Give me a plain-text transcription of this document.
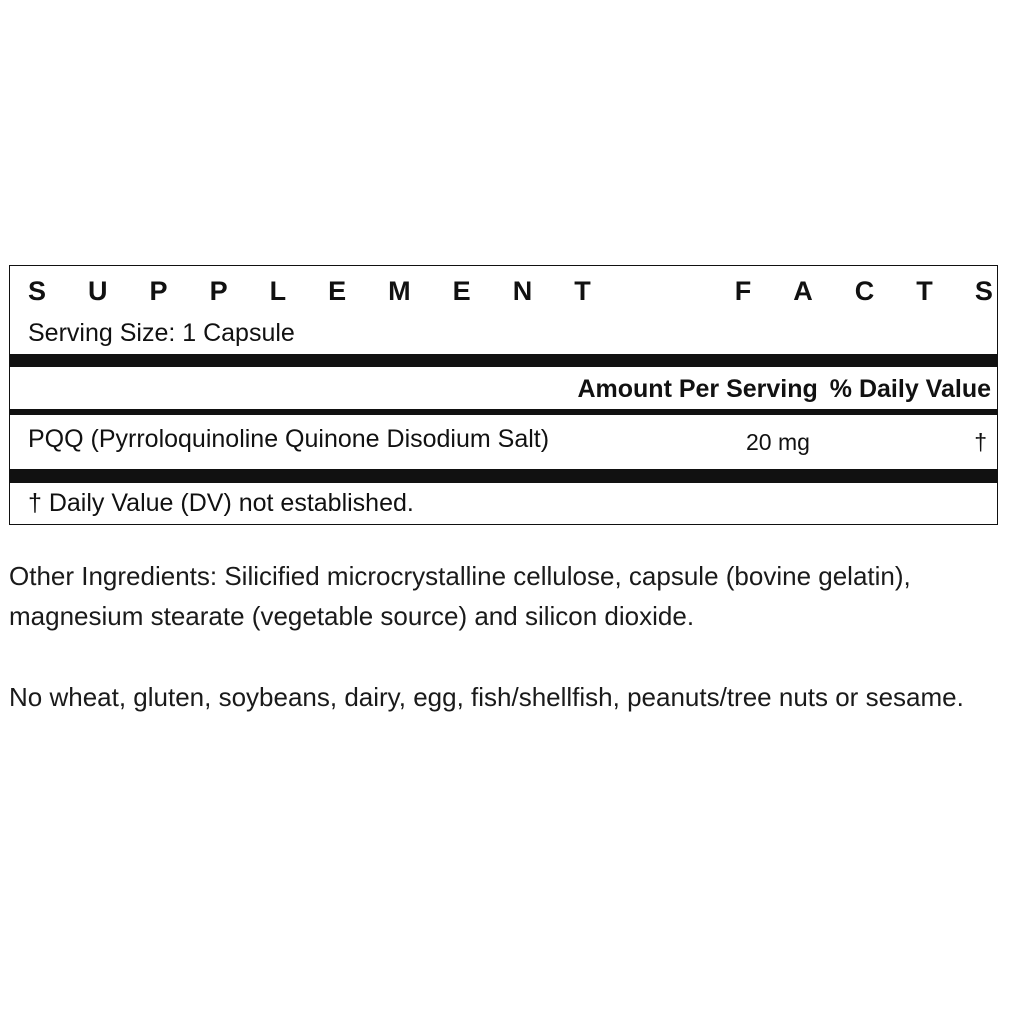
S U P P L E M E N T	F A C T S
Serving Size: 1 Capsule
Amount Per Serving % Daily Value
PQQ (Pyrroloquinoline Quinone Disodium Salt)	20 mg	†
† Daily Value (DV) not established.
Other Ingredients: Silicified microcrystalline cellulose, capsule (bovine gelatin), magnesium stearate (vegetable source) and silicon dioxide.
No wheat, gluten, soybeans, dairy, egg, fish/shellfish, peanuts/tree nuts or sesame.
